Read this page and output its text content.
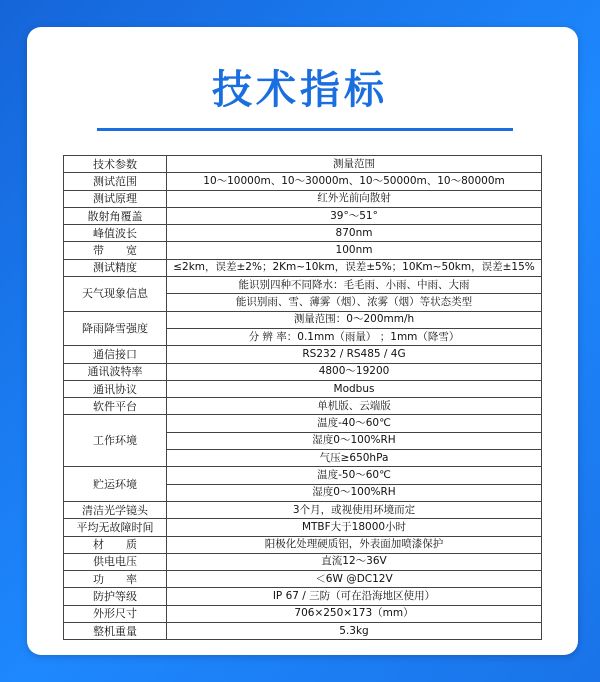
技术指标
技术参数	测量范围
测试范围	10～10000m、10～30000m、10～50000m、10～80000m
测试原理	红外光前向散射
散射角覆盖	39°～51°
峰值波长	870nm
带　　宽	100nm
测试精度	≤2km，误差±2%；2Km~10km，误差±5%；10Km~50km，误差±15%
天气现象信息	能识别四种不同降水：毛毛雨、小雨、中雨、大雨
	能识别雨、雪、薄雾（烟）、浓雾（烟）等状态类型
降雨降雪强度	测量范围：0～200mm/h
	分 辨 率：0.1mm（雨量） ；1mm（降雪）
通信接口	RS232 / RS485 / 4G
通讯波特率	4800～19200
通讯协议	Modbus
软件平台	单机版、云端版
工作环境	温度-40～60℃
	湿度0～100%RH
	气压≥650hPa
贮运环境	温度-50～60℃
	湿度0～100%RH
清洁光学镜头	3个月，或视使用环境而定
平均无故障时间	MTBF大于18000小时
材　　质	阳极化处理硬质铝，外表面加喷漆保护
供电电压	直流12～36V
功　　率	＜6W @DC12V
防护等级	IP 67 / 三防（可在沿海地区使用）
外形尺寸	706×250×173（mm）
整机重量	5.3kg
